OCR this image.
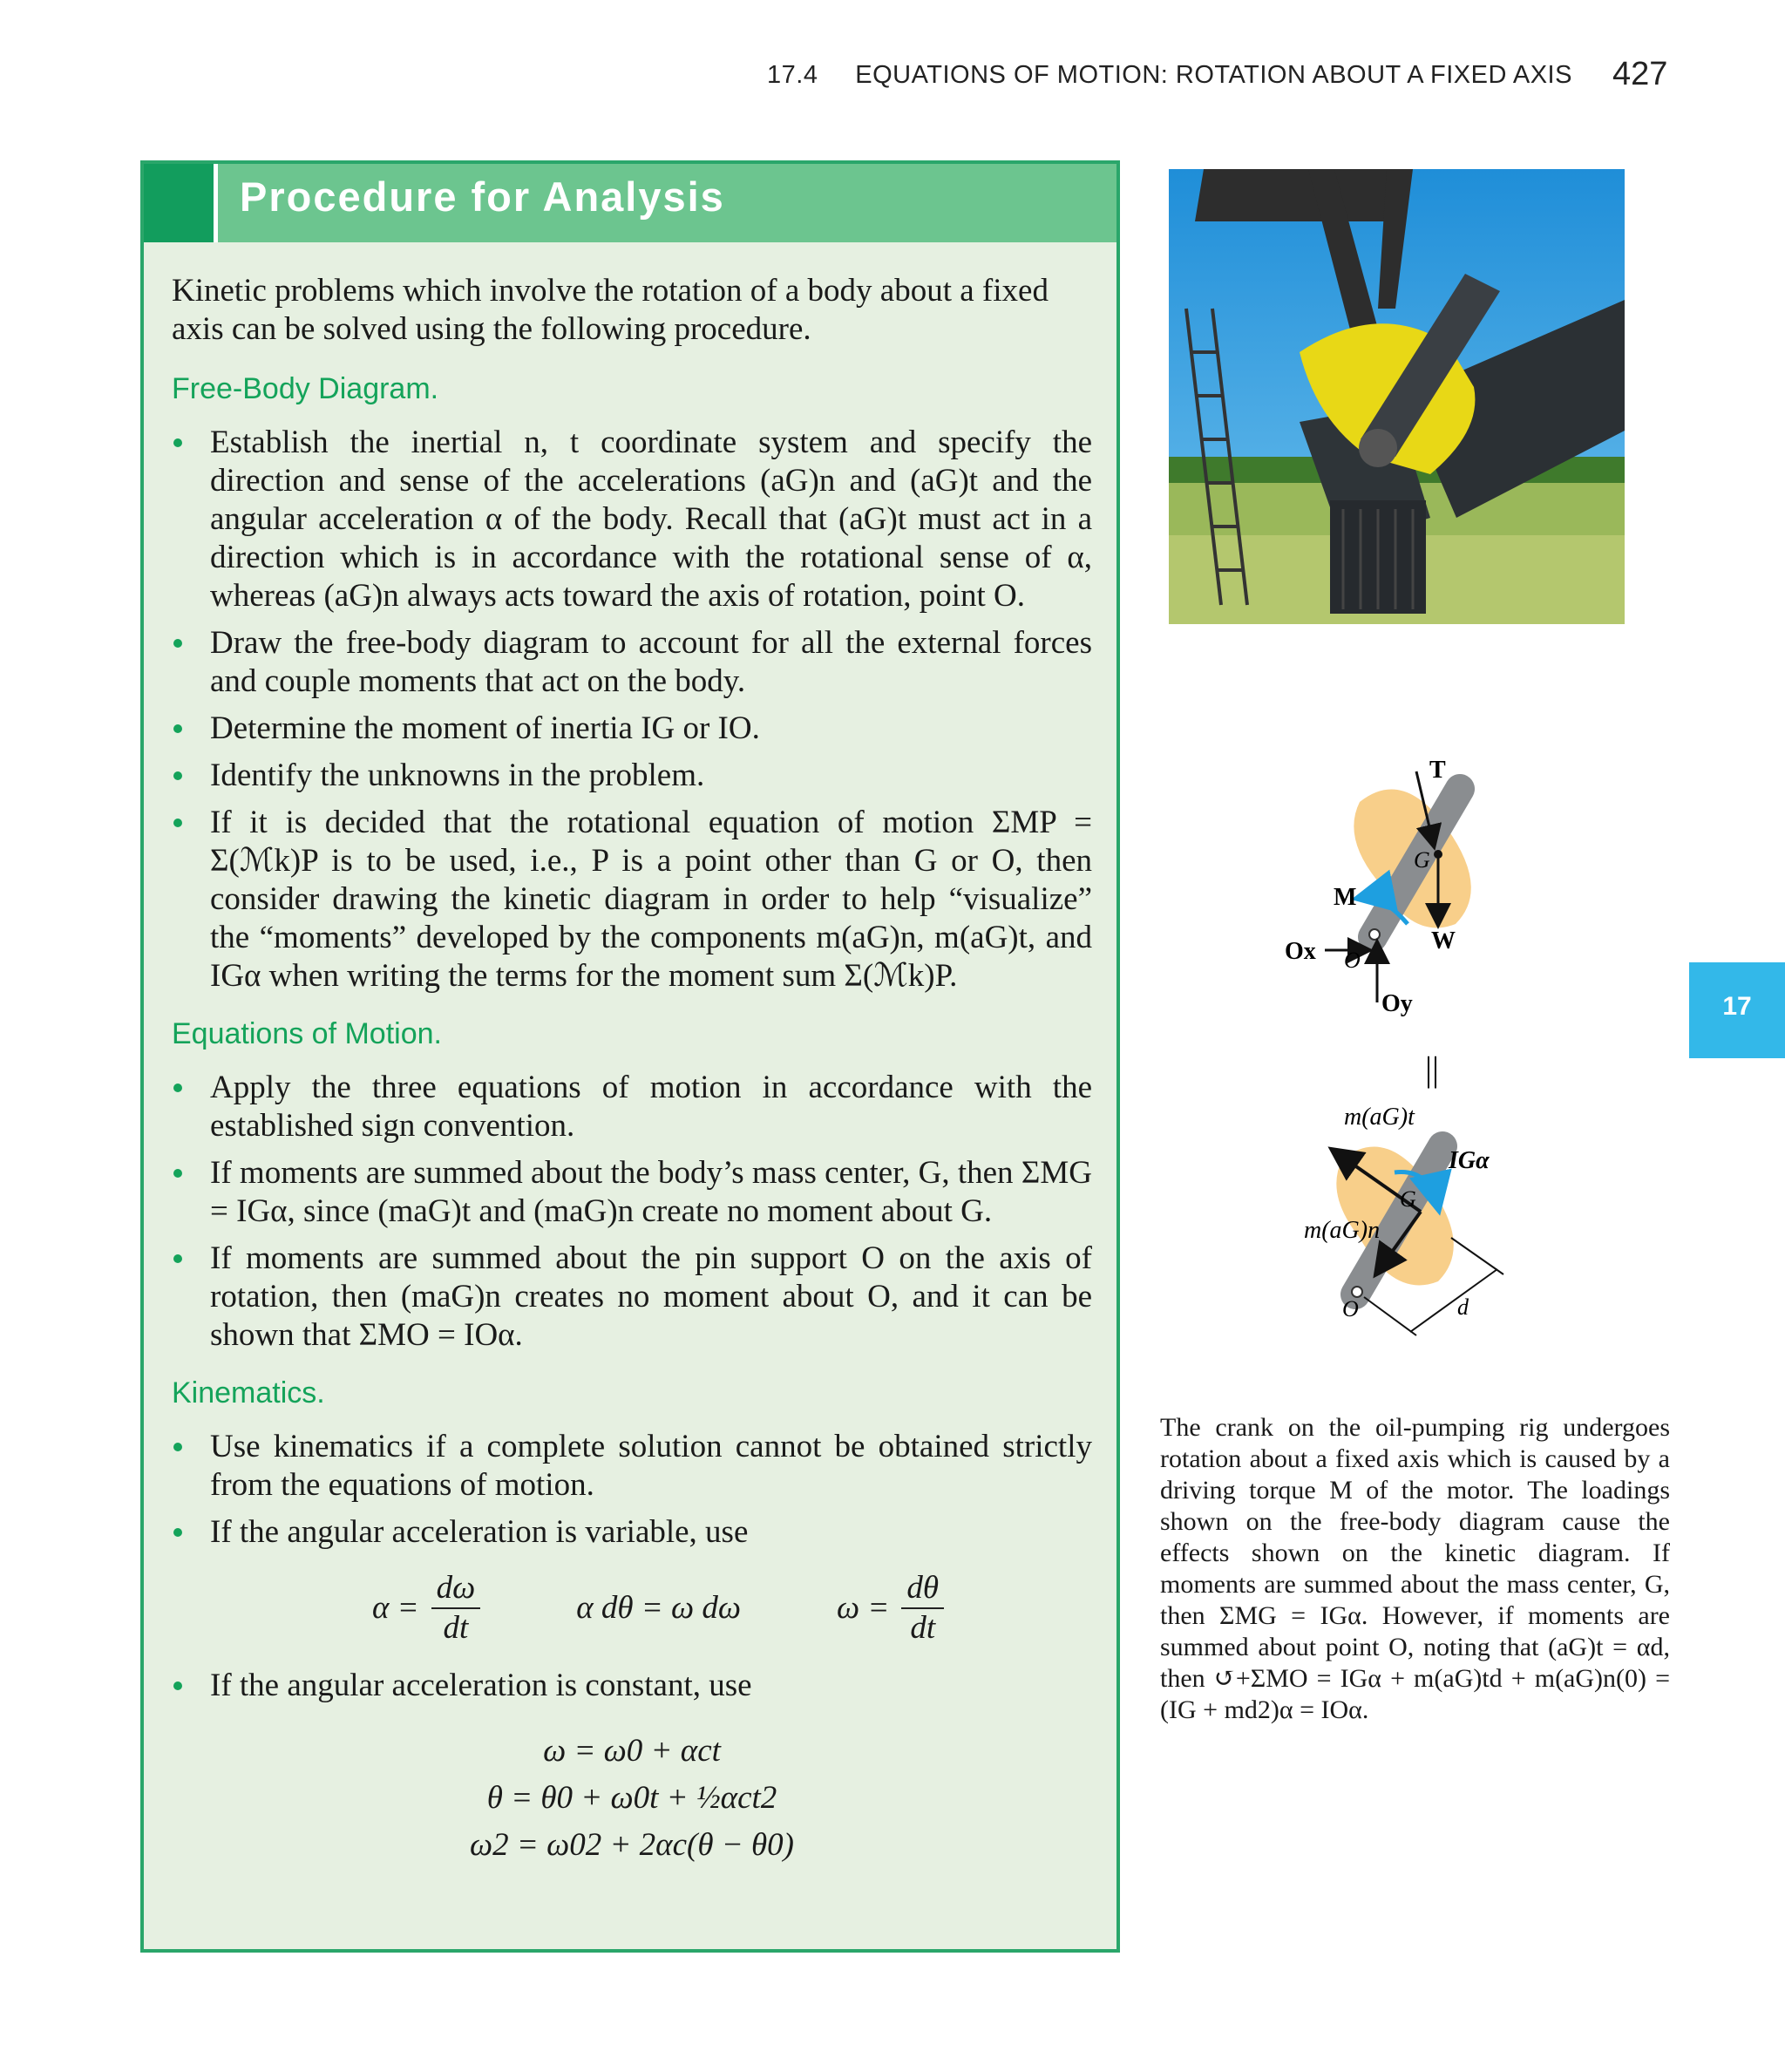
17.4 EQUATIONS OF MOTION: ROTATION ABOUT A FIXED AXIS 427
Procedure for Analysis

Kinetic problems which involve the rotation of a body about a fixed axis can be solved using the following procedure.

Free-Body Diagram.
Establish the inertial n, t coordinate system and specify the direction and sense of the accelerations (aG)n and (aG)t and the angular acceleration α of the body. Recall that (aG)t must act in a direction which is in accordance with the rotational sense of α, whereas (aG)n always acts toward the axis of rotation, point O.
Draw the free-body diagram to account for all the external forces and couple moments that act on the body.
Determine the moment of inertia IG or IO.
Identify the unknowns in the problem.
If it is decided that the rotational equation of motion ΣMP = Σ(ℳk)P is to be used, i.e., P is a point other than G or O, then consider drawing the kinetic diagram in order to help “visualize” the “moments” developed by the components m(aG)n, m(aG)t, and IGα when writing the terms for the moment sum Σ(ℳk)P.
Equations of Motion.
Apply the three equations of motion in accordance with the established sign convention.
If moments are summed about the body’s mass center, G, then ΣMG = IGα, since (maG)t and (maG)n create no moment about G.
If moments are summed about the pin support O on the axis of rotation, then (maG)n creates no moment about O, and it can be shown that ΣMO = IOα.
Kinematics.
Use kinematics if a complete solution cannot be obtained strictly from the equations of motion.
If the angular acceleration is variable, use
$\alpha = \frac{d\omega}{dt}$	α dθ = ω dω	$\omega = \frac{d\theta}{dt}$
If the angular acceleration is constant, use
ω = ω0 + αct
θ = θ0 + ω0t + ½αct2
ω2 = ω02 + 2αc(θ − θ0)
T
G
M
W
Ox O
Oy
||
m(aG)t
IGα
G
m(aG)n
O	d
17
The crank on the oil-pumping rig undergoes rotation about a fixed axis which is caused by a driving torque M of the motor. The loadings shown on the free-body diagram cause the effects shown on the kinetic diagram. If moments are summed about the mass center, G, then ΣMG = IGα. However, if moments are summed about point O, noting that (aG)t = αd, then ↺+ΣMO = IGα + m(aG)td + m(aG)n(0) = (IG + md2)α = IOα.
